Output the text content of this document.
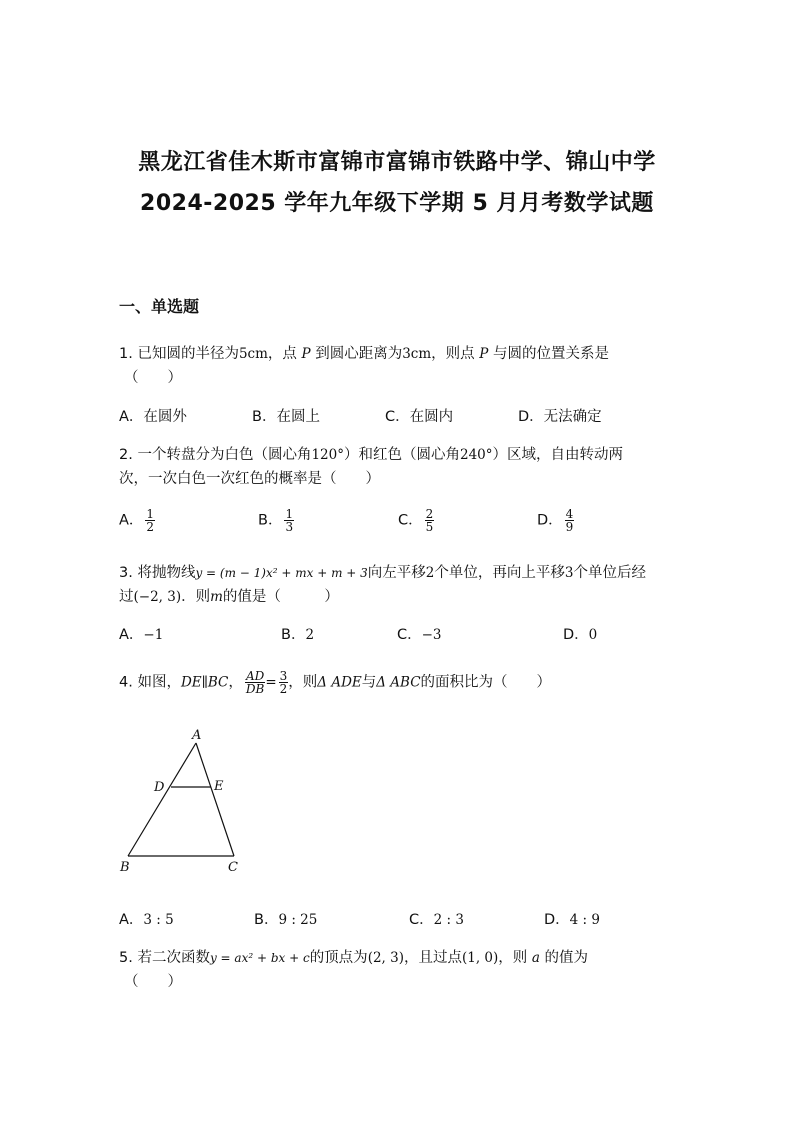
黑龙江省佳木斯市富锦市富锦市铁路中学、锦山中学
2024-2025 学年九年级下学期 5 月月考数学试题
一、单选题
1. 已知圆的半径为5cm，点 P 到圆心距离为3cm，则点 P 与圆的位置关系是
（　　）
A．在圆外	B．在圆上	C．在圆内	D．无法确定
2. 一个转盘分为白色（圆心角120°）和红色（圆心角240°）区域，自由转动两
次，一次白色一次红色的概率是（　　）
A． $\frac{1}{2}$	B． $\frac{1}{3}$	C． $\frac{2}{5}$	D． $\frac{4}{9}$
3. 将抛物线y = (m − 1)x² + mx + m + 3向左平移2个单位，再向上平移3个单位后经
过(−2, 3)．则m的值是（　　　）
A．−1	B．2	C．−3	D．0
4. 如图，DE∥BC， $\frac{AD}{DB} = \frac{3}{2}$ ，则Δ ADE与Δ ABC的面积比为（　　）
A
D	E
B	C
A．3 : 5	B．9 : 25	C．2 : 3	D．4 : 9
5. 若二次函数y = ax² + bx + c的顶点为(2, 3)，且过点(1, 0)，则 a 的值为
（　　）
